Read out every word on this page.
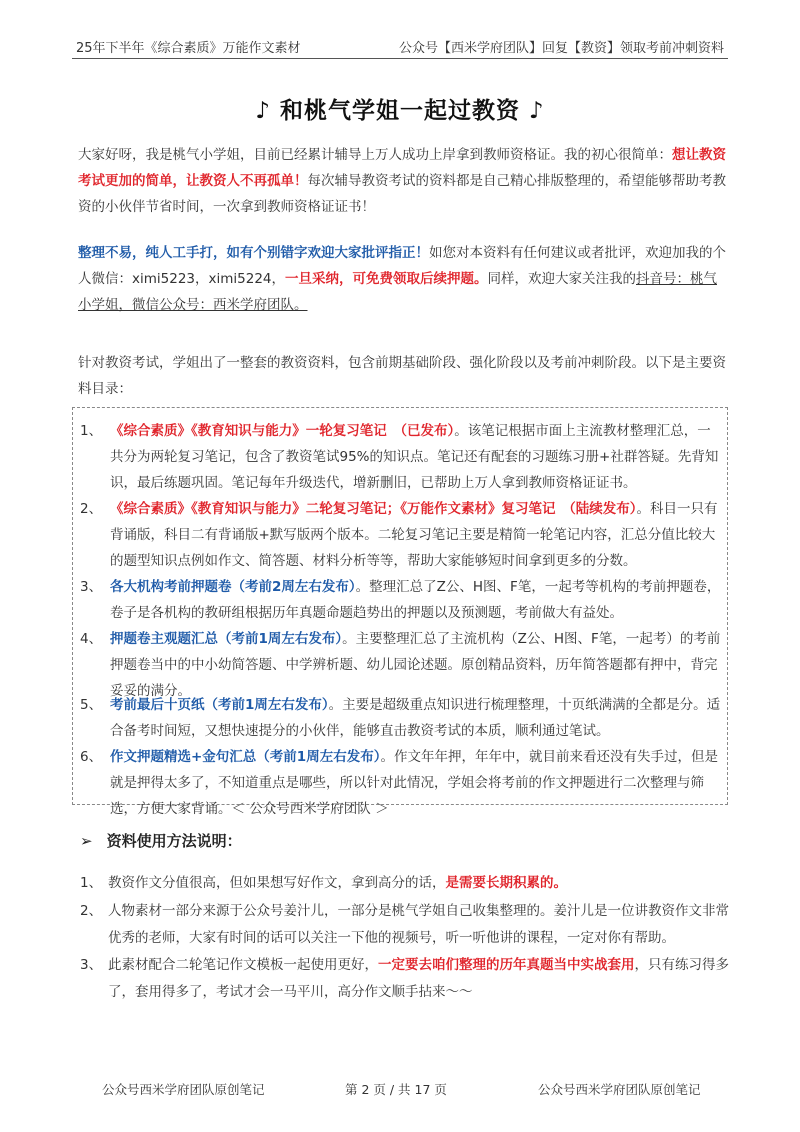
25年下半年《综合素质》万能作文素材	公众号【西米学府团队】回复【教资】领取考前冲刺资料
♪ 和桃气学姐一起过教资 ♪
大家好呀，我是桃气小学姐，目前已经累计辅导上万人成功上岸拿到教师资格证。我的初心很简单：想让教资考试更加的简单，让教资人不再孤单！每次辅导教资考试的资料都是自己精心排版整理的，希望能够帮助考教资的小伙伴节省时间，一次拿到教师资格证证书！
整理不易，纯人工手打，如有个别错字欢迎大家批评指正！如您对本资料有任何建议或者批评，欢迎加我的个人微信：ximi5223，ximi5224，一旦采纳，可免费领取后续押题。同样，欢迎大家关注我的抖音号：桃气小学姐，微信公众号：西米学府团队。
针对教资考试，学姐出了一整套的教资资料，包含前期基础阶段、强化阶段以及考前冲刺阶段。以下是主要资料目录：
1、 《综合素质》《教育知识与能力》一轮复习笔记　（已发布）。该笔记根据市面上主流教材整理汇总，一共分为两轮复习笔记，包含了教资笔试95%的知识点。笔记还有配套的习题练习册+社群答疑。先背知识，最后练题巩固。笔记每年升级迭代，增新删旧，已帮助上万人拿到教师资格证证书。
2、 《综合素质》《教育知识与能力》二轮复习笔记；《万能作文素材》复习笔记　（陆续发布）。科目一只有背诵版，科目二有背诵版+默写版两个版本。二轮复习笔记主要是精简一轮笔记内容，汇总分值比较大的题型知识点例如作文、简答题、材料分析等等，帮助大家能够短时间拿到更多的分数。
3、 各大机构考前押题卷（考前2周左右发布）。整理汇总了Z公、H图、F笔，一起考等机构的考前押题卷，卷子是各机构的教研组根据历年真题命题趋势出的押题以及预测题，考前做大有益处。
4、 押题卷主观题汇总（考前1周左右发布）。主要整理汇总了主流机构（Z公、H图、F笔，一起考）的考前押题卷当中的中小幼简答题、中学辨析题、幼儿园论述题。原创精品资料，历年简答题都有押中，背完妥妥的满分。
5、 考前最后十页纸（考前1周左右发布）。主要是超级重点知识进行梳理整理，十页纸满满的全都是分。适合备考时间短，又想快速提分的小伙伴，能够直击教资考试的本质，顺利通过笔试。
6、 作文押题精选+金句汇总（考前1周左右发布）。作文年年押，年年中，就目前来看还没有失手过，但是就是押得太多了，不知道重点是哪些，所以针对此情况，学姐会将考前的作文押题进行二次整理与筛选，方便大家背诵。＜ 公众号西米学府团队 ＞
➢ 资料使用方法说明：
1、 教资作文分值很高，但如果想写好作文，拿到高分的话，是需要长期积累的。
2、 人物素材一部分来源于公众号姜汁儿，一部分是桃气学姐自己收集整理的。姜汁儿是一位讲教资作文非常优秀的老师，大家有时间的话可以关注一下他的视频号，听一听他讲的课程，一定对你有帮助。
3、 此素材配合二轮笔记作文模板一起使用更好，一定要去咱们整理的历年真题当中实战套用，只有练习得多了，套用得多了，考试才会一马平川，高分作文顺手拈来～～
公众号西米学府团队原创笔记	第 2 页 / 共 17 页	公众号西米学府团队原创笔记
